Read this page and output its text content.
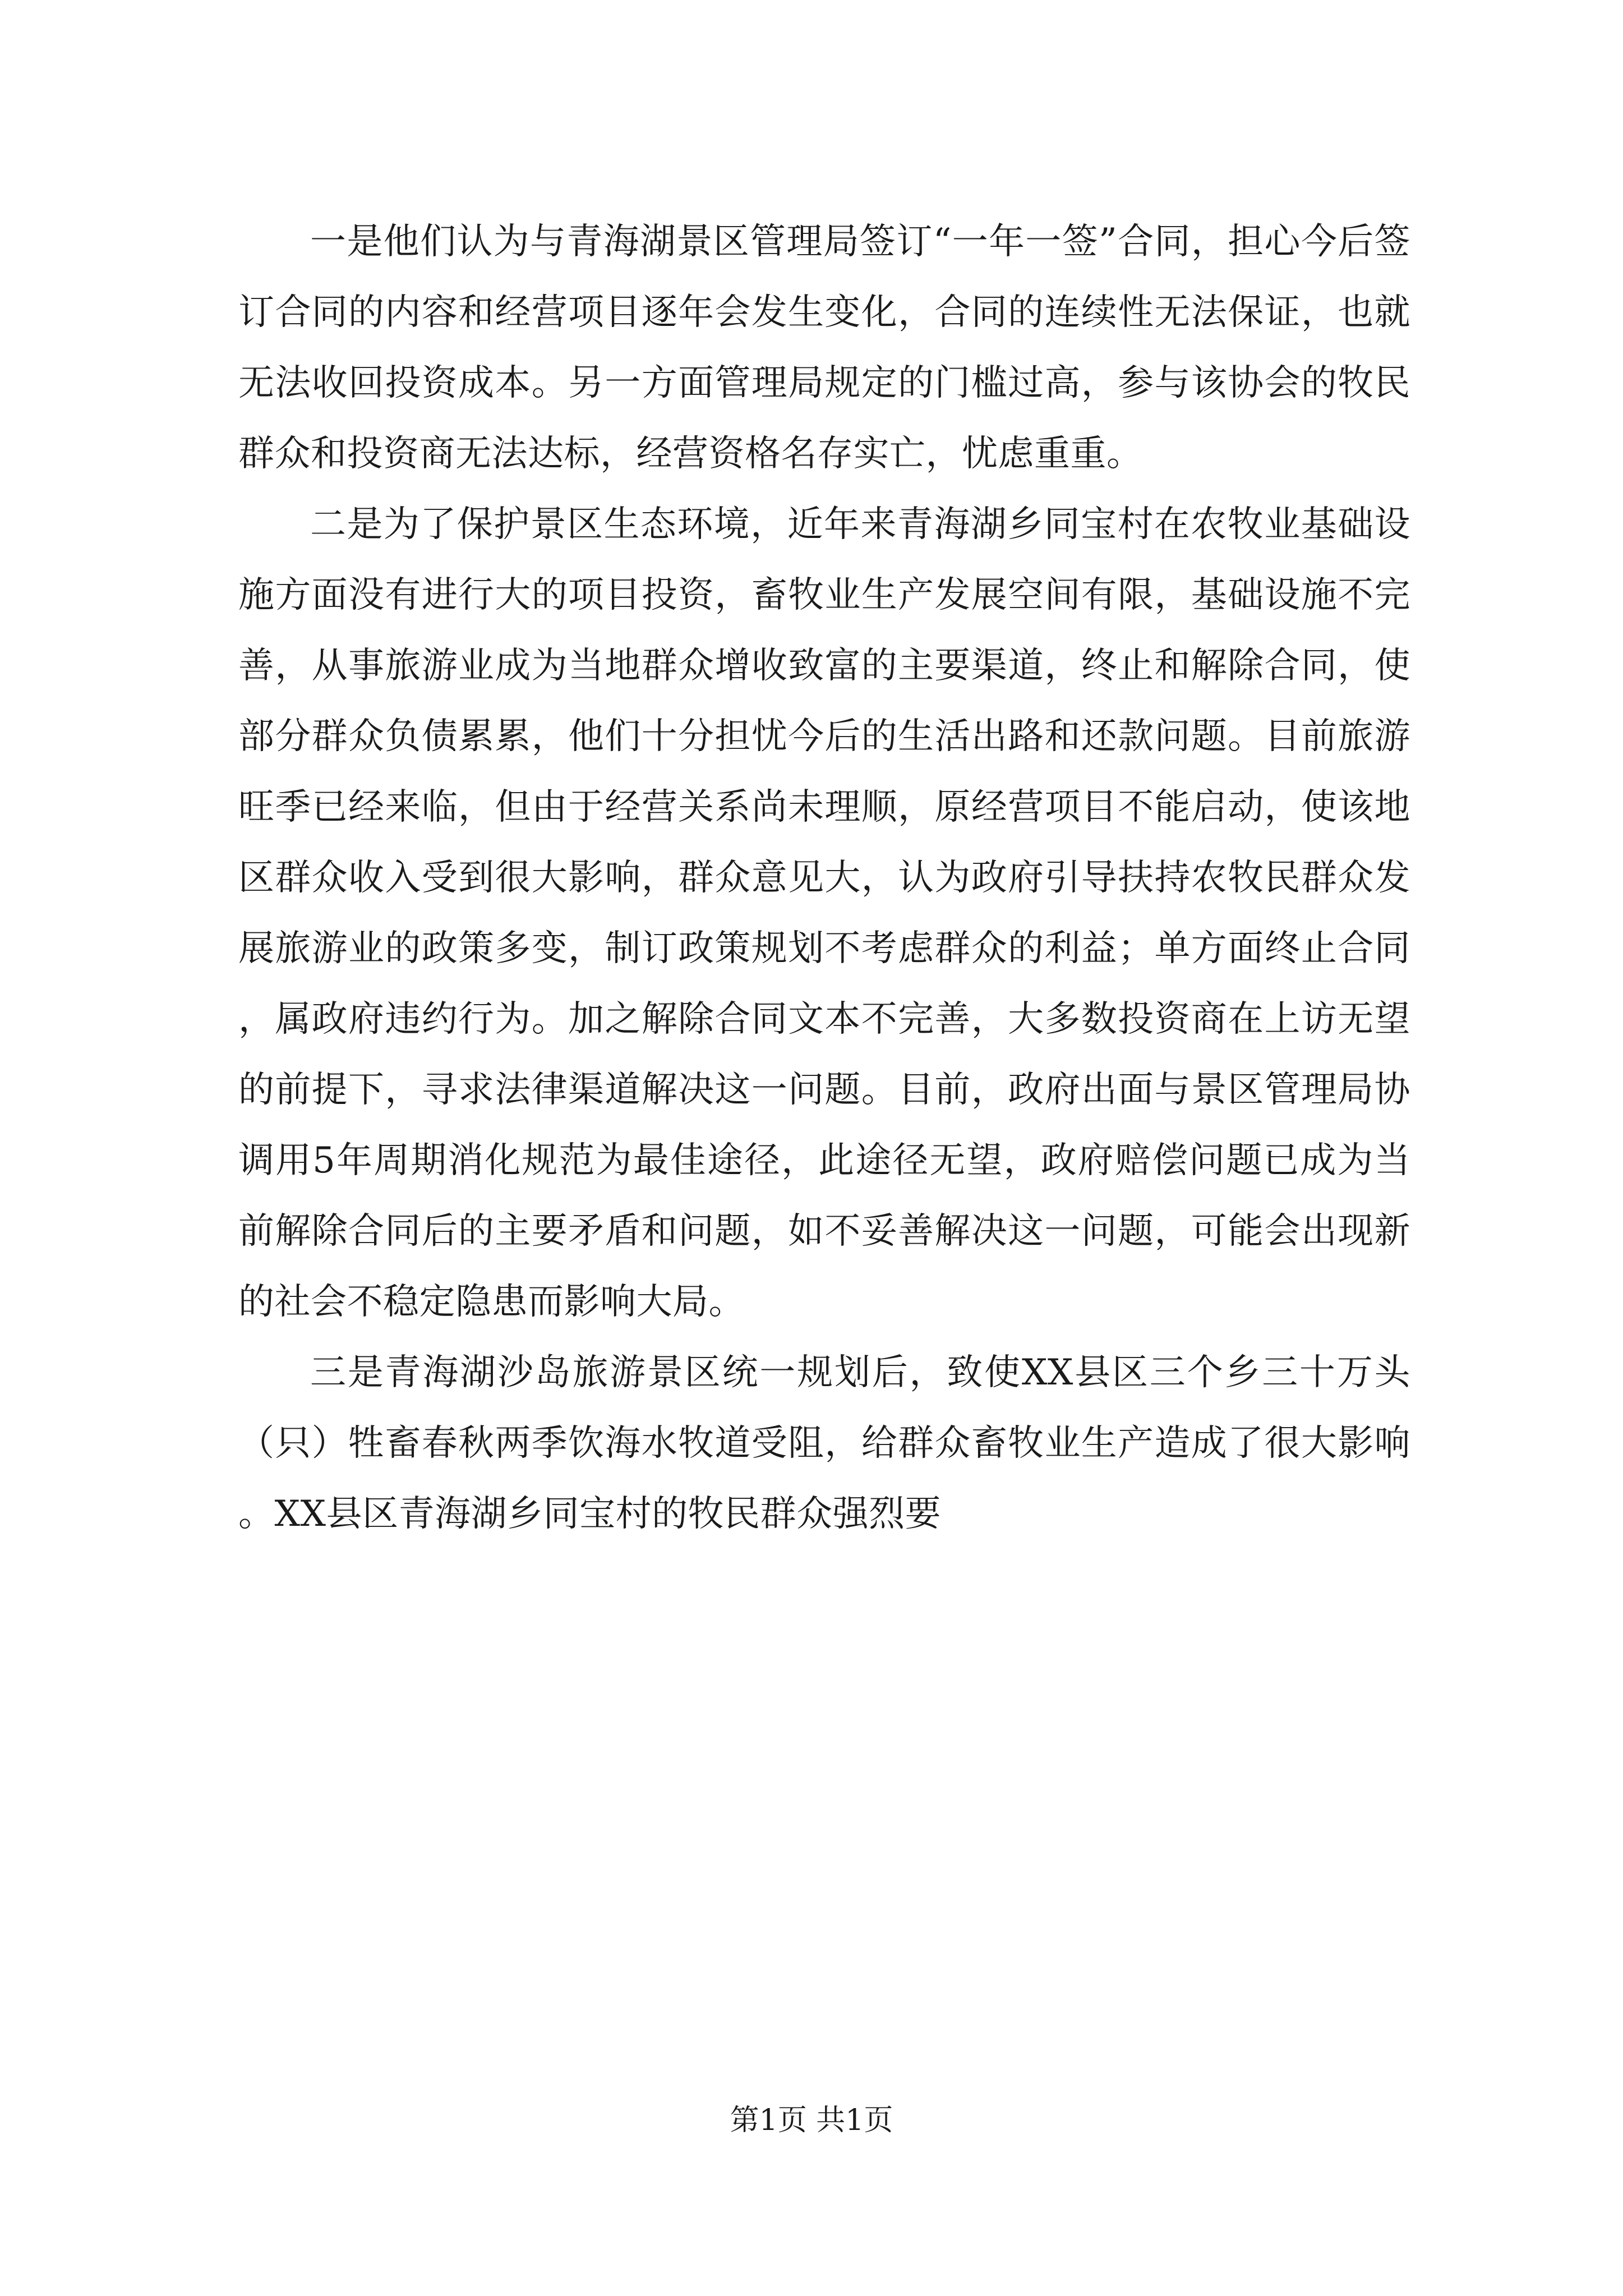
一是他们认为与青海湖景区管理局签订“一年一签”合同，担心今后签订合同的内容和经营项目逐年会发生变化，合同的连续性无法保证，也就无法收回投资成本。另一方面管理局规定的门槛过高，参与该协会的牧民群众和投资商无法达标，经营资格名存实亡，忧虑重重。

二是为了保护景区生态环境，近年来青海湖乡同宝村在农牧业基础设施方面没有进行大的项目投资，畜牧业生产发展空间有限，基础设施不完善，从事旅游业成为当地群众增收致富的主要渠道，终止和解除合同，使部分群众负债累累，他们十分担忧今后的生活出路和还款问题。目前旅游旺季已经来临，但由于经营关系尚未理顺，原经营项目不能启动，使该地区群众收入受到很大影响，群众意见大，认为政府引导扶持农牧民群众发展旅游业的政策多变，制订政策规划不考虑群众的利益；单方面终止合同，属政府违约行为。加之解除合同文本不完善，大多数投资商在上访无望的前提下，寻求法律渠道解决这一问题。目前，政府出面与景区管理局协调用5年周期消化规范为最佳途径，此途径无望，政府赔偿问题已成为当前解除合同后的主要矛盾和问题，如不妥善解决这一问题，可能会出现新的社会不稳定隐患而影响大局。

三是青海湖沙岛旅游景区统一规划后，致使XX县区三个乡三十万头（只）牲畜春秋两季饮海水牧道受阻，给群众畜牧业生产造成了很大影响。XX县区青海湖乡同宝村的牧民群众强烈要

第1页 共1页
